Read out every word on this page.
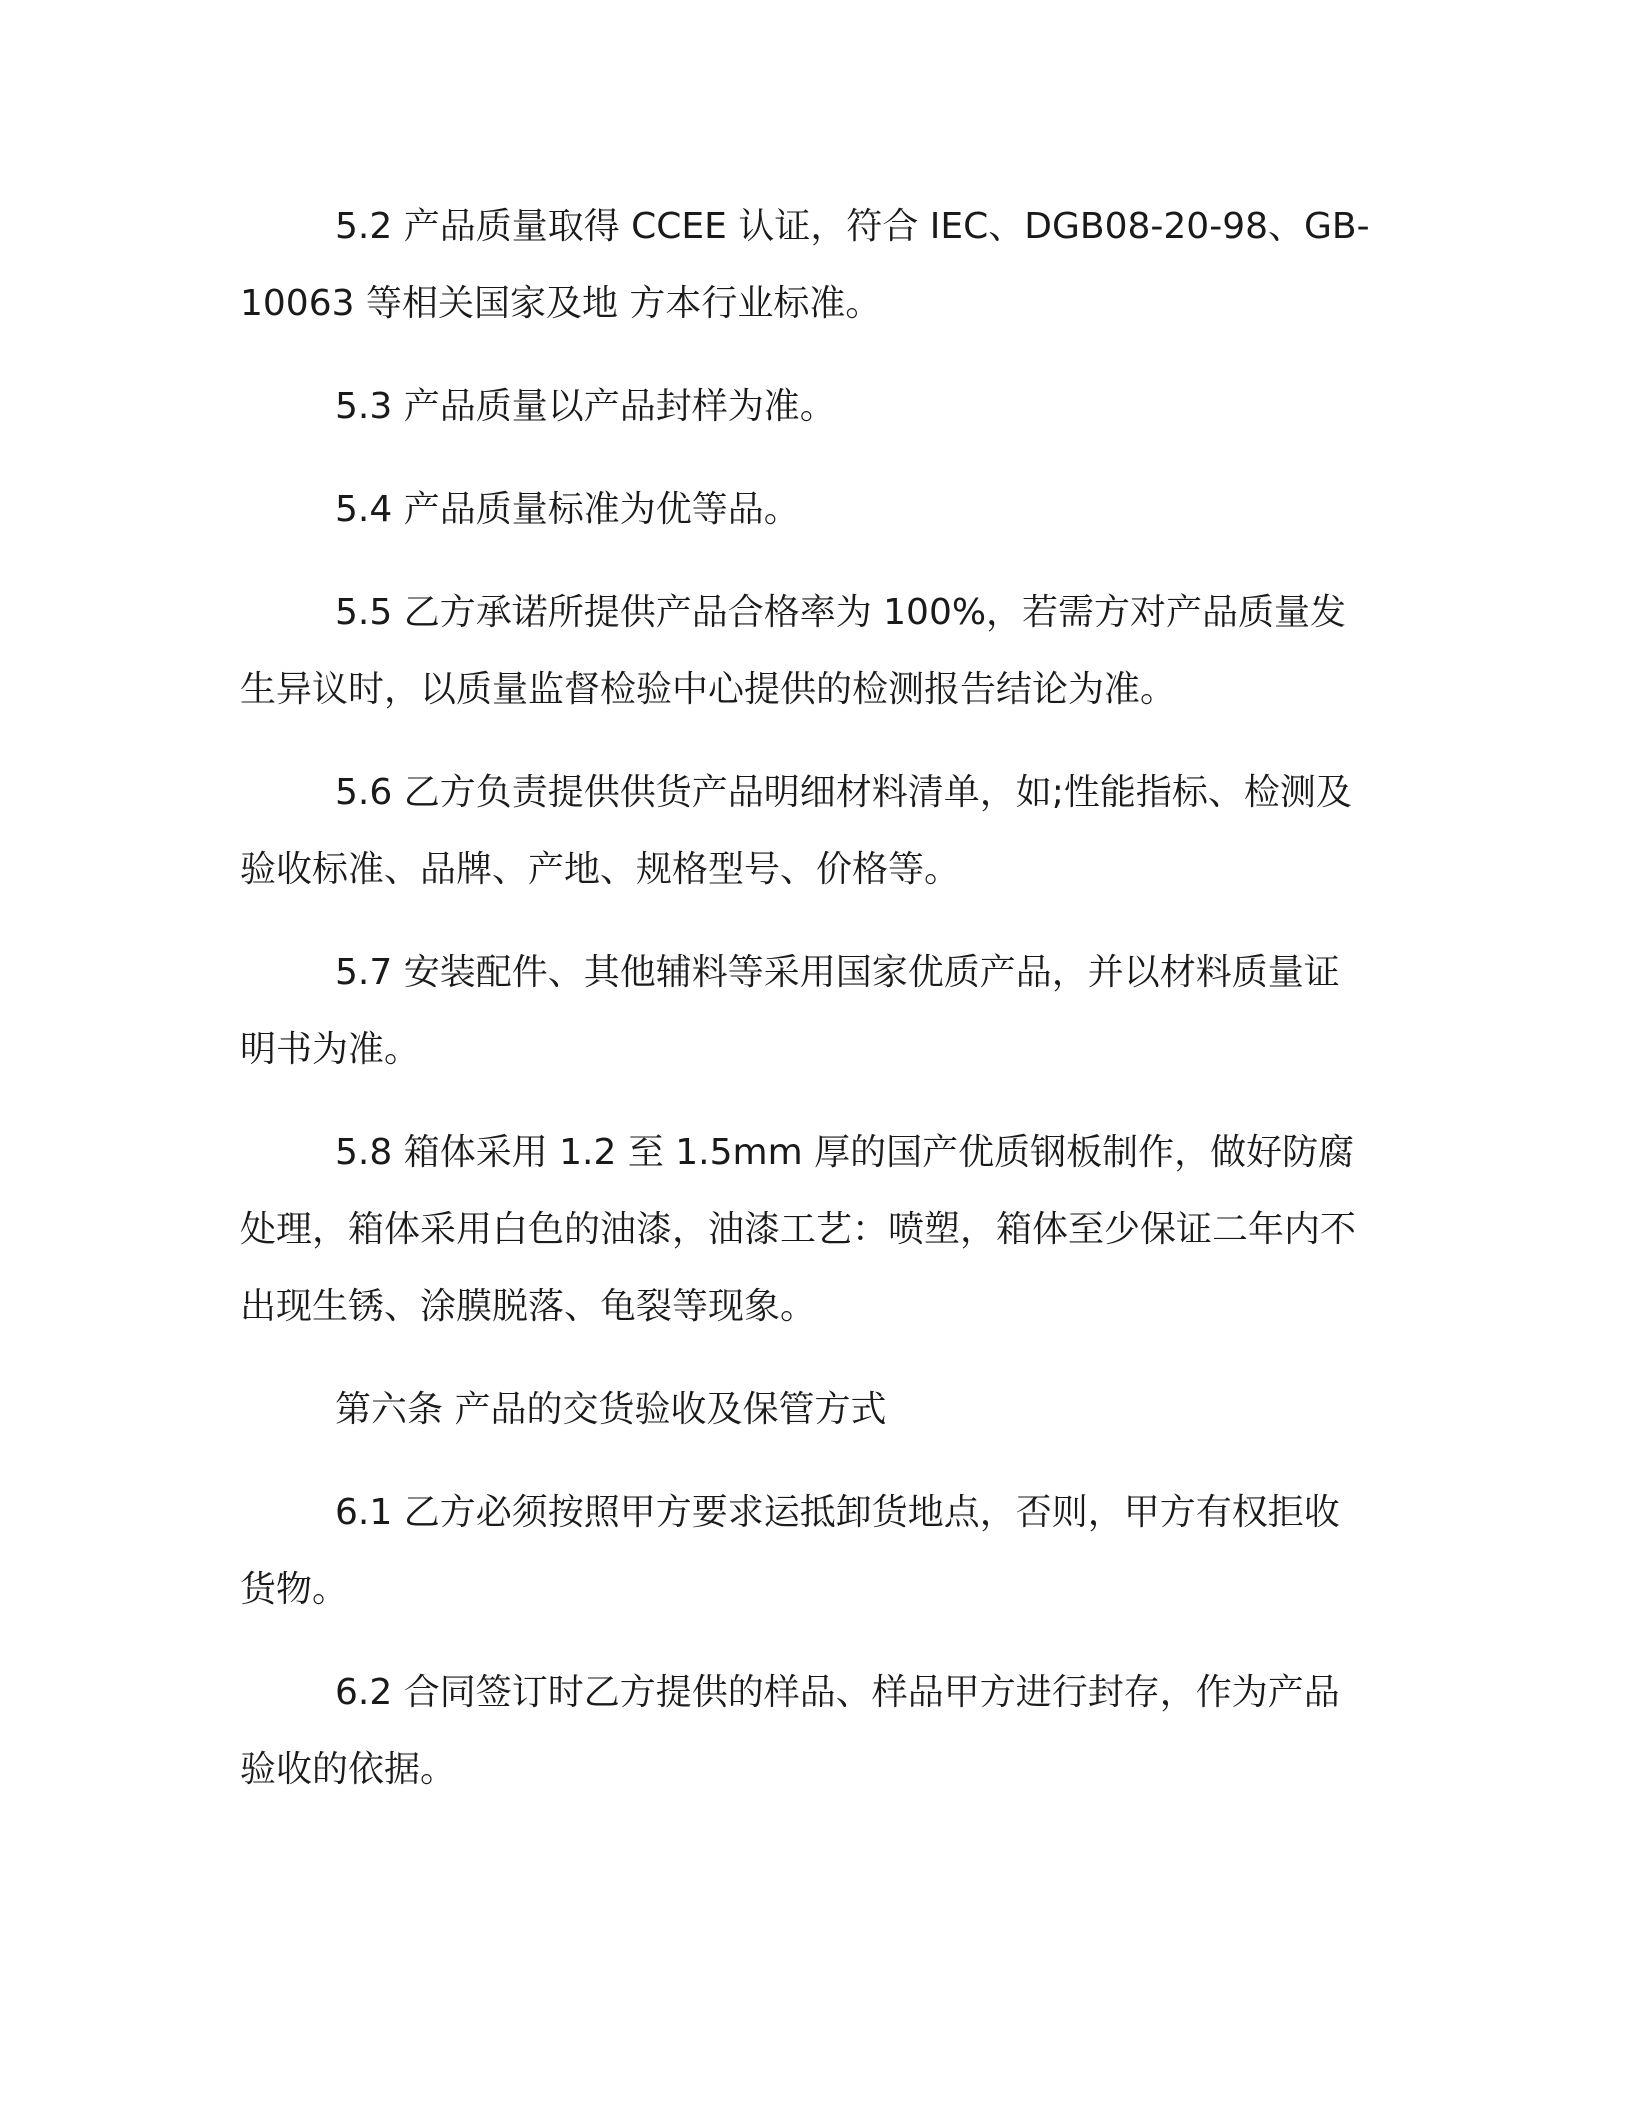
5.2 产品质量取得 CCEE 认证，符合 IEC、DGB08-20-98、GB-10063 等相关国家及地 方本行业标准。

5.3 产品质量以产品封样为准。

5.4 产品质量标准为优等品。

5.5 乙方承诺所提供产品合格率为 100%，若需方对产品质量发生异议时，以质量监督检验中心提供的检测报告结论为准。

5.6 乙方负责提供供货产品明细材料清单，如;性能指标、检测及验收标准、品牌、产地、规格型号、价格等。

5.7 安装配件、其他辅料等采用国家优质产品，并以材料质量证明书为准。

5.8 箱体采用 1.2 至 1.5mm 厚的国产优质钢板制作，做好防腐处理，箱体采用白色的油漆，油漆工艺：喷塑，箱体至少保证二年内不出现生锈、涂膜脱落、龟裂等现象。

第六条 产品的交货验收及保管方式

6.1 乙方必须按照甲方要求运抵卸货地点，否则，甲方有权拒收货物。

6.2 合同签订时乙方提供的样品、样品甲方进行封存，作为产品验收的依据。
